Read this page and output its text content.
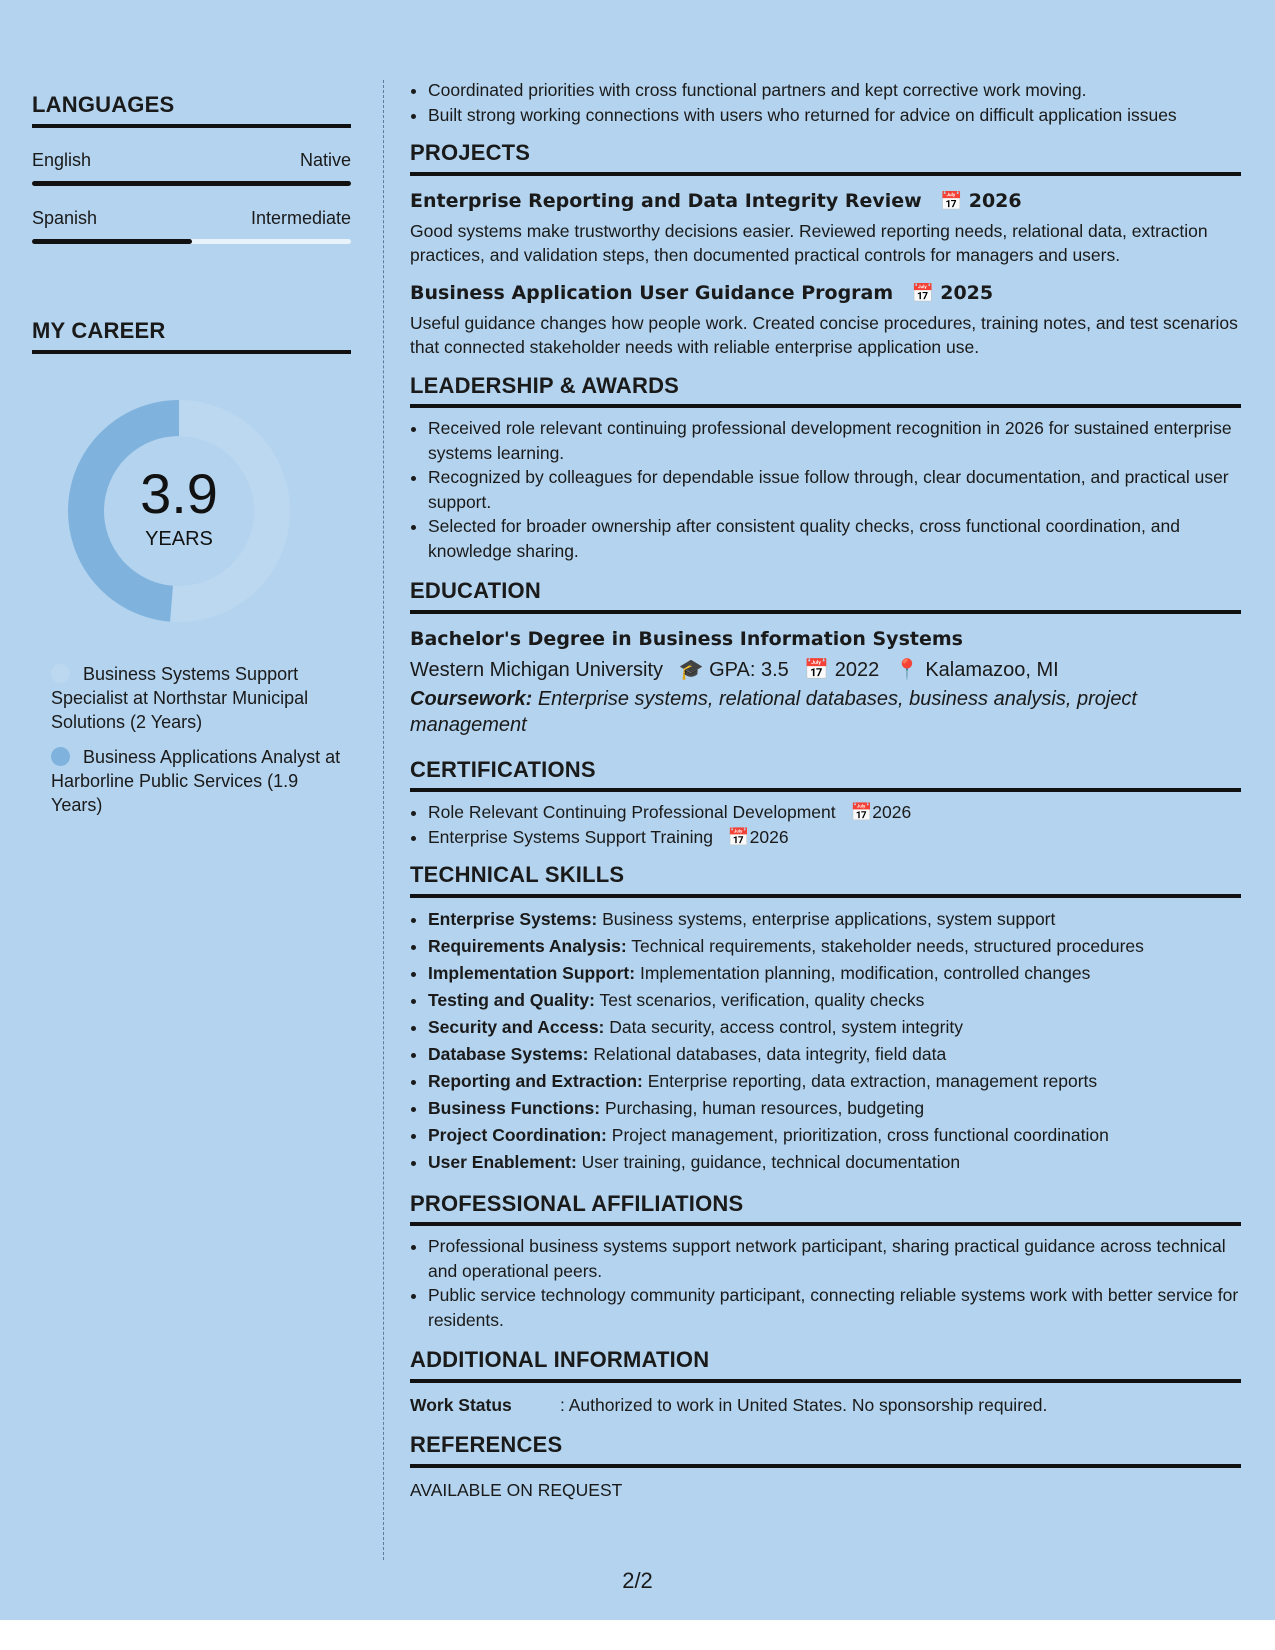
LANGUAGES
English	Native
Spanish	Intermediate
MY CAREER
3.9
YEARS
Business Systems Support Specialist at Northstar Municipal Solutions (2 Years)
Business Applications Analyst at Harborline Public Services (1.9 Years)
• Coordinated priorities with cross functional partners and kept corrective work moving.
• Built strong working connections with users who returned for advice on difficult application issues
PROJECTS
Enterprise Reporting and Data Integrity Review 📅 2026

Good systems make trustworthy decisions easier. Reviewed reporting needs, relational data, extraction practices, and validation steps, then documented practical controls for managers and users.

Business Application User Guidance Program 📅 2025

Useful guidance changes how people work. Created concise procedures, training notes, and test scenarios that connected stakeholder needs with reliable enterprise application use.

LEADERSHIP & AWARDS
• Received role relevant continuing professional development recognition in 2026 for sustained enterprise systems learning.
• Recognized by colleagues for dependable issue follow through, clear documentation, and practical user support.
• Selected for broader ownership after consistent quality checks, cross functional coordination, and knowledge sharing.
EDUCATION
Bachelor's Degree in Business Information Systems
Western Michigan University 🎓 GPA: 3.5 📅 2022 📍 Kalamazoo, MI
Coursework: Enterprise systems, relational databases, business analysis, project management
CERTIFICATIONS
• Role Relevant Continuing Professional Development 📅2026
• Enterprise Systems Support Training 📅2026
TECHNICAL SKILLS
• Enterprise Systems: Business systems, enterprise applications, system support
• Requirements Analysis: Technical requirements, stakeholder needs, structured procedures
• Implementation Support: Implementation planning, modification, controlled changes
• Testing and Quality: Test scenarios, verification, quality checks
• Security and Access: Data security, access control, system integrity
• Database Systems: Relational databases, data integrity, field data
• Reporting and Extraction: Enterprise reporting, data extraction, management reports
• Business Functions: Purchasing, human resources, budgeting
• Project Coordination: Project management, prioritization, cross functional coordination
• User Enablement: User training, guidance, technical documentation
PROFESSIONAL AFFILIATIONS
• Professional business systems support network participant, sharing practical guidance across technical and operational peers.
• Public service technology community participant, connecting reliable systems work with better service for residents.
ADDITIONAL INFORMATION
Work Status	: Authorized to work in United States. No sponsorship required.
REFERENCES
AVAILABLE ON REQUEST
2/2
